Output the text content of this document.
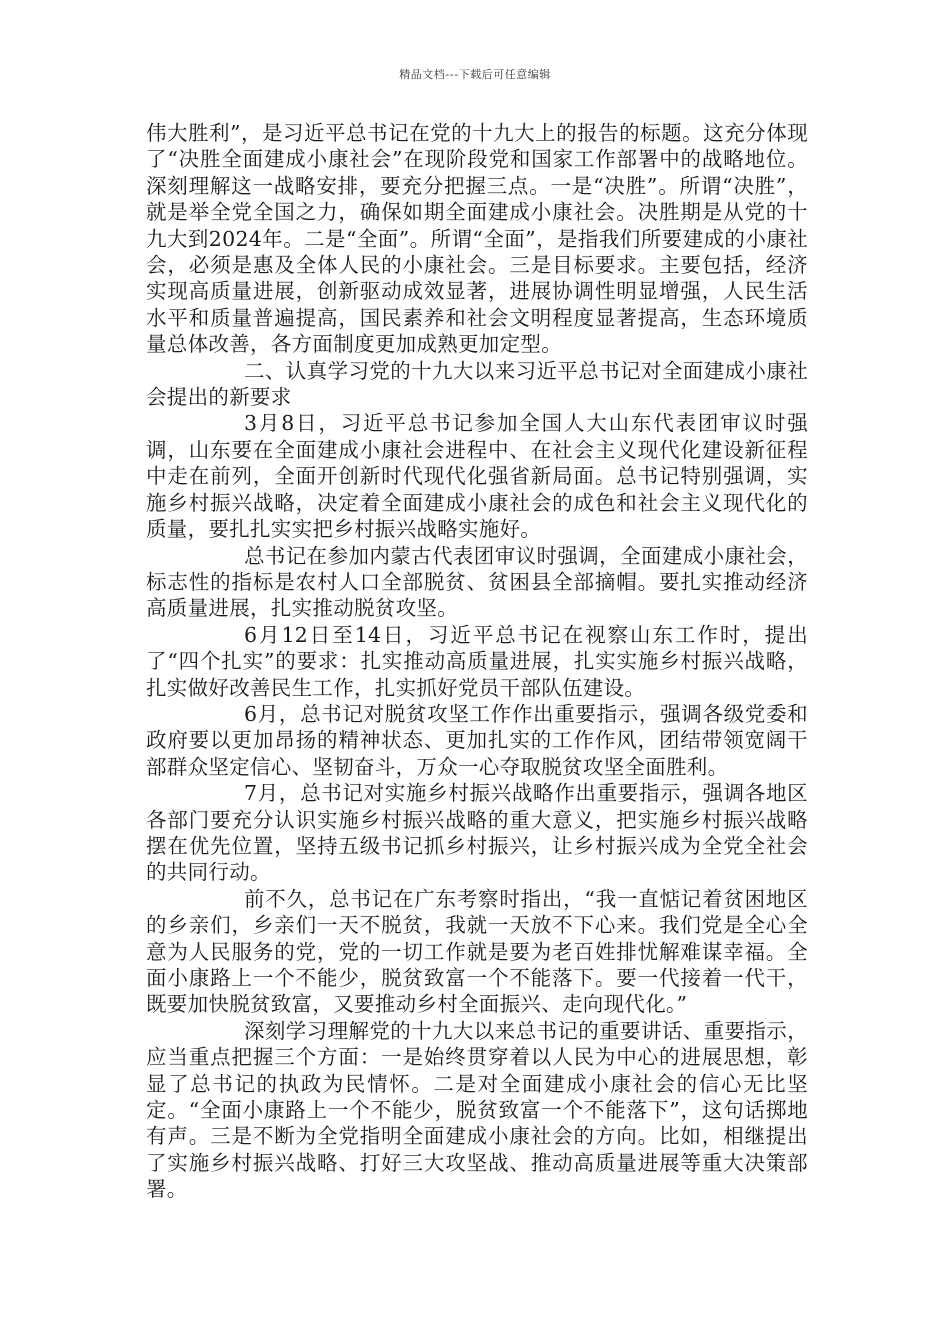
精品文档---下载后可任意编辑

伟大胜利”，是习近平总书记在党的十九大上的报告的标题。这充分体现了“决胜全面建成小康社会”在现阶段党和国家工作部署中的战略地位。深刻理解这一战略安排，要充分把握三点。一是“决胜”。所谓“决胜”，就是举全党全国之力，确保如期全面建成小康社会。决胜期是从党的十九大到2024年。二是“全面”。所谓“全面”，是指我们所要建成的小康社会，必须是惠及全体人民的小康社会。三是目标要求。主要包括，经济实现高质量进展，创新驱动成效显著，进展协调性明显增强，人民生活水平和质量普遍提高，国民素养和社会文明程度显著提高，生态环境质量总体改善，各方面制度更加成熟更加定型。

二、认真学习党的十九大以来习近平总书记对全面建成小康社会提出的新要求

3月8日，习近平总书记参加全国人大山东代表团审议时强调，山东要在全面建成小康社会进程中、在社会主义现代化建设新征程中走在前列，全面开创新时代现代化强省新局面。总书记特别强调，实施乡村振兴战略，决定着全面建成小康社会的成色和社会主义现代化的质量，要扎扎实实把乡村振兴战略实施好。

总书记在参加内蒙古代表团审议时强调，全面建成小康社会，标志性的指标是农村人口全部脱贫、贫困县全部摘帽。要扎实推动经济高质量进展，扎实推动脱贫攻坚。

6月12日至14日，习近平总书记在视察山东工作时，提出了“四个扎实”的要求：扎实推动高质量进展，扎实实施乡村振兴战略，扎实做好改善民生工作，扎实抓好党员干部队伍建设。

6月，总书记对脱贫攻坚工作作出重要指示，强调各级党委和政府要以更加昂扬的精神状态、更加扎实的工作作风，团结带领宽阔干部群众坚定信心、坚韧奋斗，万众一心夺取脱贫攻坚全面胜利。

7月，总书记对实施乡村振兴战略作出重要指示，强调各地区各部门要充分认识实施乡村振兴战略的重大意义，把实施乡村振兴战略摆在优先位置，坚持五级书记抓乡村振兴，让乡村振兴成为全党全社会的共同行动。

前不久，总书记在广东考察时指出，“我一直惦记着贫困地区的乡亲们，乡亲们一天不脱贫，我就一天放不下心来。我们党是全心全意为人民服务的党，党的一切工作就是要为老百姓排忧解难谋幸福。全面小康路上一个不能少，脱贫致富一个不能落下。要一代接着一代干，既要加快脱贫致富，又要推动乡村全面振兴、走向现代化。”

深刻学习理解党的十九大以来总书记的重要讲话、重要指示，应当重点把握三个方面：一是始终贯穿着以人民为中心的进展思想，彰显了总书记的执政为民情怀。二是对全面建成小康社会的信心无比坚定。“全面小康路上一个不能少，脱贫致富一个不能落下”，这句话掷地有声。三是不断为全党指明全面建成小康社会的方向。比如，相继提出了实施乡村振兴战略、打好三大攻坚战、推动高质量进展等重大决策部署。
